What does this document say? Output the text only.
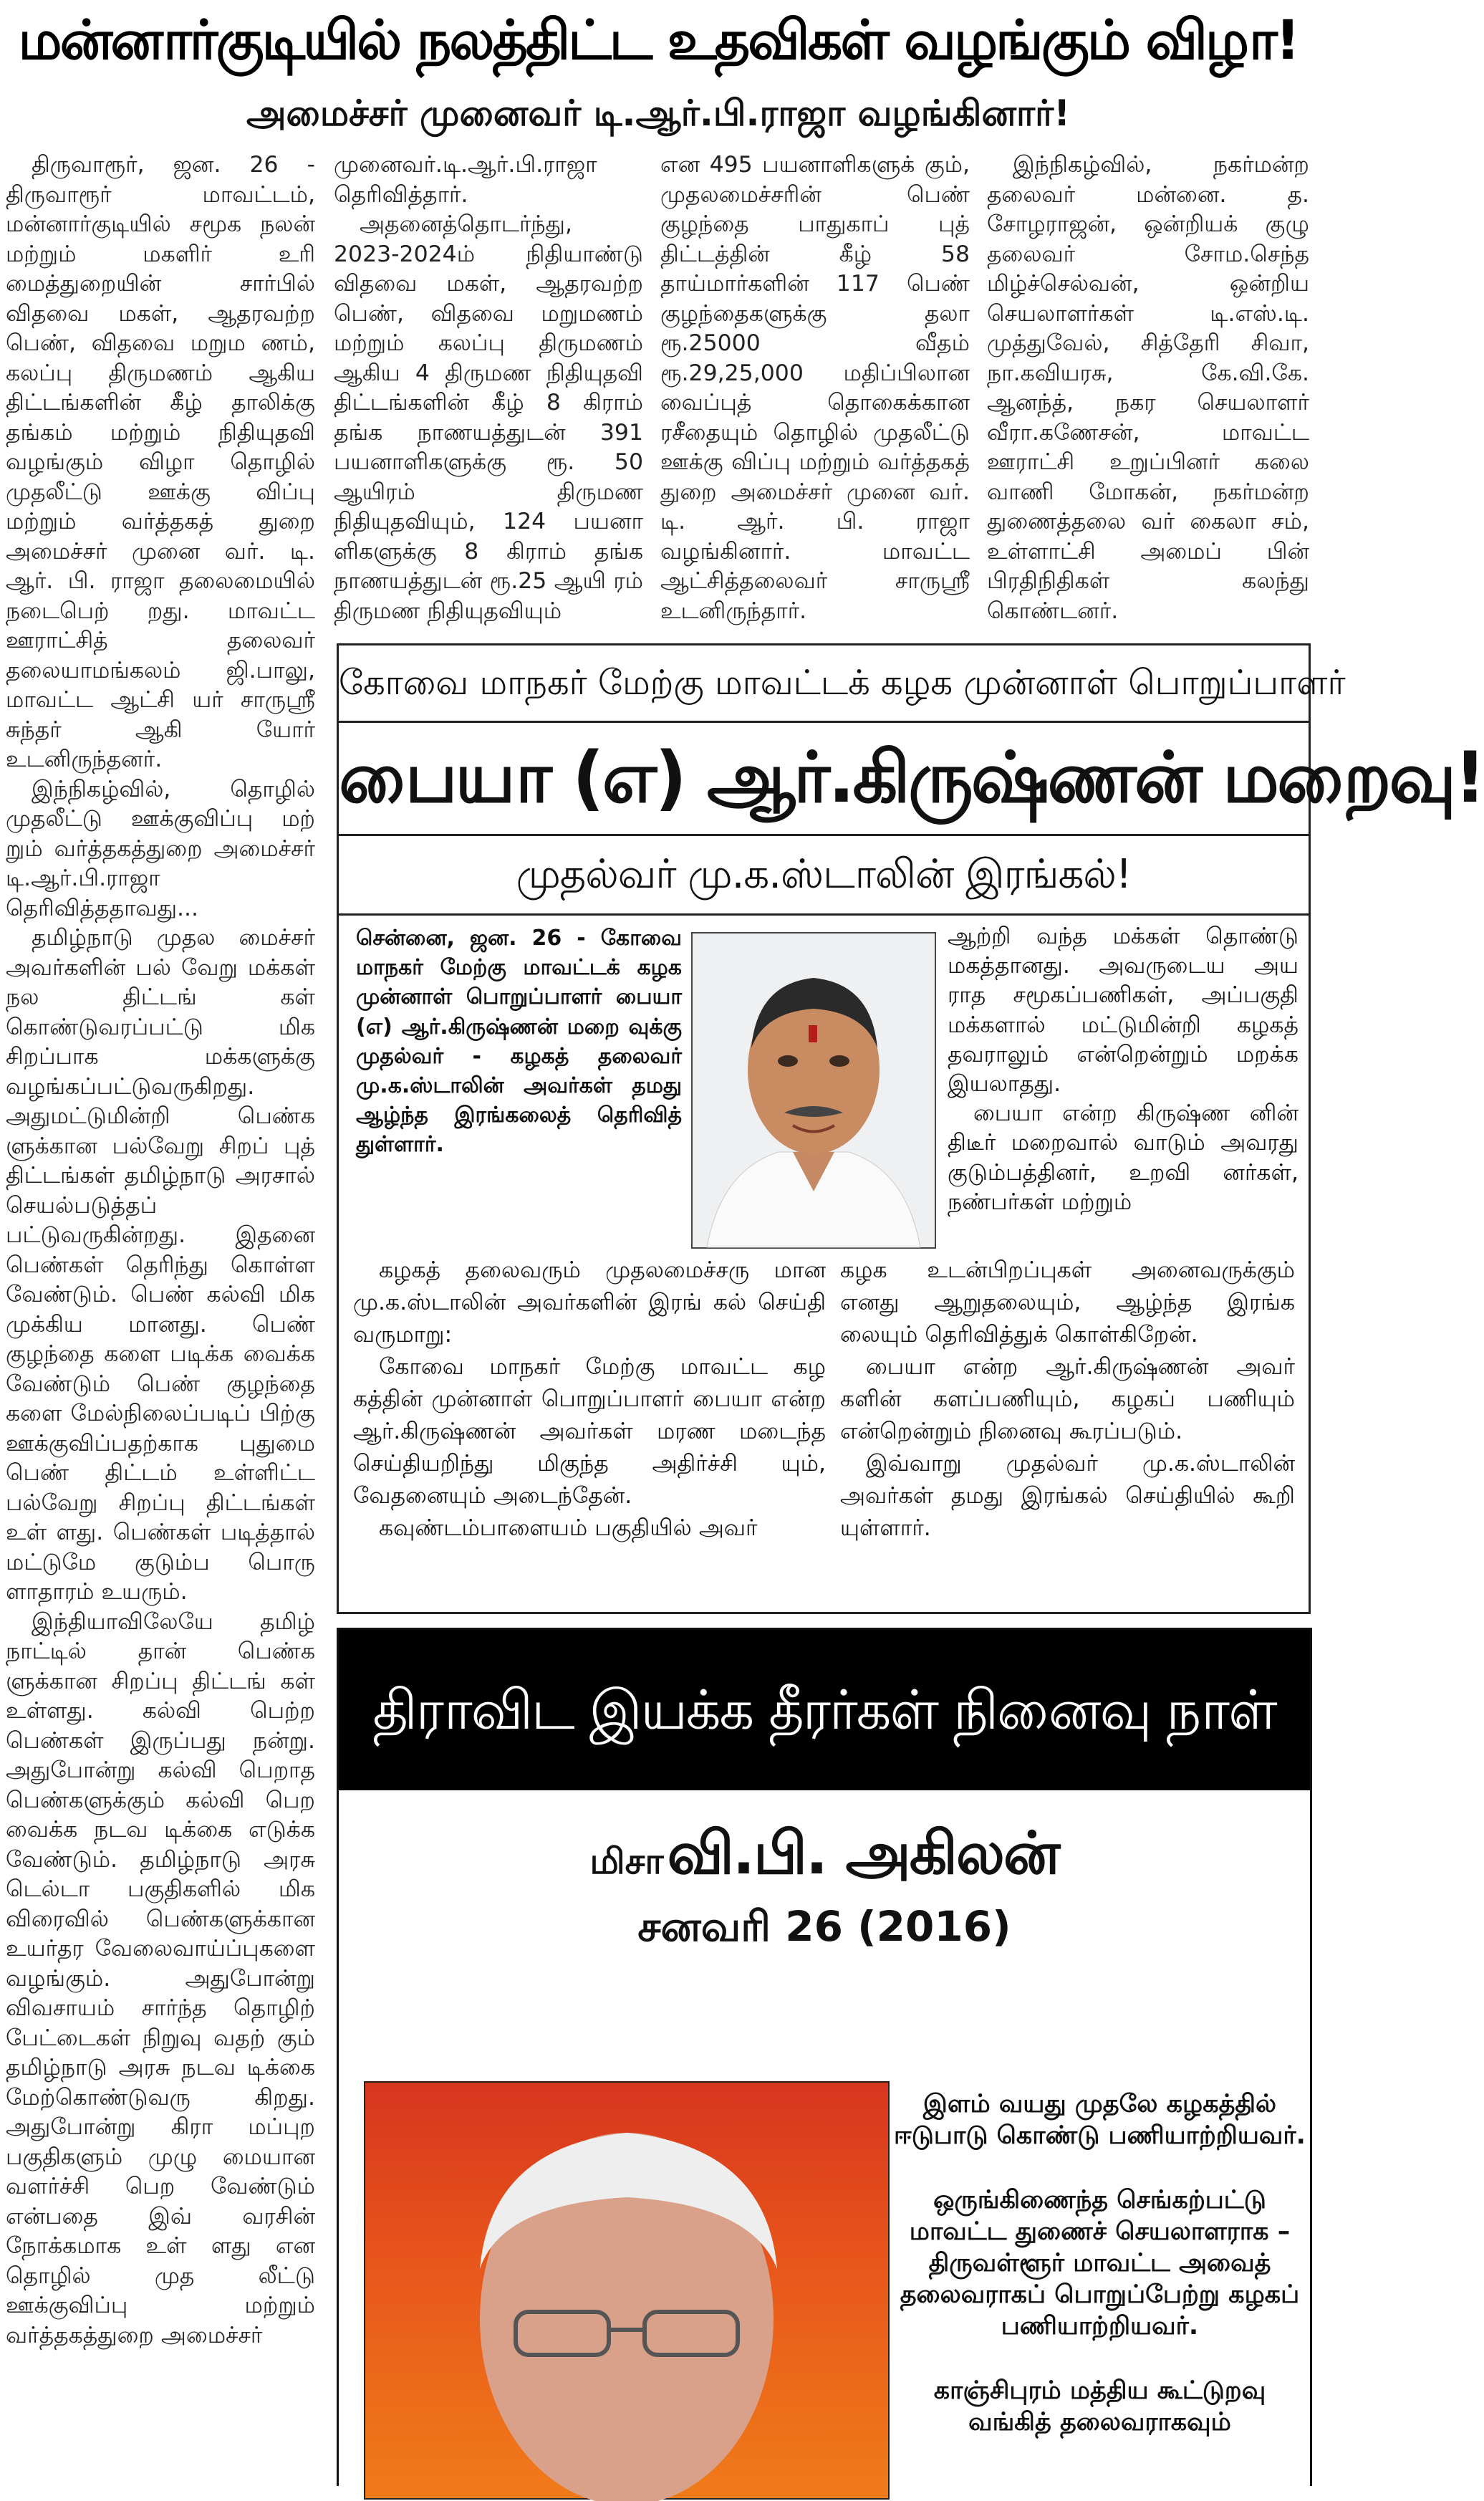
மன்னார்குடியில் நலத்திட்ட உதவிகள் வழங்கும் விழா!
அமைச்சர் முனைவர் டி.ஆர்.பி.ராஜா வழங்கினார்!

திருவாரூர், ஜன. 26 - திருவாரூர் மாவட்டம், மன்னார்குடியில் சமூக நலன் மற்றும் மகளிர் உரி மைத்துறையின் சார்பில் விதவை மகள், ஆதரவற்ற பெண், விதவை மறும ணம், கலப்பு திருமணம் ஆகிய திட்டங்களின் கீழ் தாலிக்கு தங்கம் மற்றும் நிதியுதவி வழங்கும் விழா தொழில் முதலீட்டு ஊக்கு விப்பு மற்றும் வர்த்தகத் துறை அமைச்சர் முனை வர். டி. ஆர். பி. ராஜா தலைமையில் நடைபெற் றது. மாவட்ட ஊராட்சித் தலைவர் தலையாமங்கலம் ஜி.பாலு, மாவட்ட ஆட்சி யர் சாருஸ்ரீ சுந்தர் ஆகி யோர் உடனிருந்தனர்.

இந்நிகழ்வில், தொழில் முதலீட்டு ஊக்குவிப்பு மற் றும் வர்த்தகத்துறை அமைச்சர் டி.ஆர்.பி.ராஜா தெரிவித்ததாவது...

தமிழ்நாடு முதல மைச்சர் அவர்களின் பல் வேறு மக்கள் நல திட்டங் கள் கொண்டுவரப்பட்டு மிக சிறப்பாக மக்களுக்கு வழங்கப்பட்டுவருகிறது. அதுமட்டுமின்றி பெண்க ளுக்கான பல்வேறு சிறப் புத் திட்டங்கள் தமிழ்நாடு அரசால் செயல்படுத்தப் பட்டுவருகின்றது. இதனை பெண்கள் தெரிந்து கொள்ள வேண்டும். பெண் கல்வி மிக முக்கிய மானது. பெண் குழந்தை களை படிக்க வைக்க வேண்டும் பெண் குழந்தை களை மேல்நிலைப்படிப் பிற்கு ஊக்குவிப்பதற்காக புதுமை பெண் திட்டம் உள்ளிட்ட பல்வேறு சிறப்பு திட்டங்கள் உள் ளது. பெண்கள் படித்தால் மட்டுமே குடும்ப பொரு ளாதாரம் உயரும்.

இந்தியாவிலேயே தமிழ் நாட்டில் தான் பெண்க ளுக்கான சிறப்பு திட்டங் கள் உள்ளது. கல்வி பெற்ற பெண்கள் இருப்பது நன்று. அதுபோன்று கல்வி பெறாத பெண்களுக்கும் கல்வி பெற வைக்க நடவ டிக்கை எடுக்க வேண்டும். தமிழ்நாடு அரசு டெல்டா பகுதிகளில் மிக விரைவில் பெண்களுக்கான உயர்தர வேலைவாய்ப்புகளை வழங்கும். அதுபோன்று விவசாயம் சார்ந்த தொழிற் பேட்டைகள் நிறுவு வதற் கும் தமிழ்நாடு அரசு நடவ டிக்கை மேற்கொண்டுவரு கிறது. அதுபோன்று கிரா மப்புற பகுதிகளும் முழு மையான வளர்ச்சி பெற வேண்டும் என்பதை இவ் வரசின் நோக்கமாக உள் ளது என தொழில் முத லீட்டு ஊக்குவிப்பு மற்றும் வர்த்தகத்துறை அமைச்சர்

முனைவர்.டி.ஆர்.பி.ராஜா தெரிவித்தார்.

அதனைத்தொடர்ந்து, 2023-2024ம் நிதியாண்டு விதவை மகள், ஆதரவற்ற பெண், விதவை மறுமணம் மற்றும் கலப்பு திருமணம் ஆகிய 4 திருமண நிதியுதவி திட்டங்களின் கீழ் 8 கிராம் தங்க நாணயத்துடன் 391 பயனாளிகளுக்கு ரூ. 50 ஆயிரம் திருமண நிதியுதவியும், 124 பயனா ளிகளுக்கு 8 கிராம் தங்க நாணயத்துடன் ரூ.25 ஆயி ரம் திருமண நிதியுதவியும்

என 495 பயனாளிகளுக் கும், முதலமைச்சரின் பெண் குழந்தை பாதுகாப் புத் திட்டத்தின் கீழ் 58 தாய்மார்களின் 117 பெண் குழந்தைகளுக்கு தலா ரூ.25000 வீதம் ரூ.29,25,000 மதிப்பிலான வைப்புத் தொகைக்கான ரசீதையும் தொழில் முதலீட்டு ஊக்கு விப்பு மற்றும் வர்த்தகத் துறை அமைச்சர் முனை வர். டி. ஆர். பி. ராஜா வழங்கினார். மாவட்ட ஆட்சித்தலைவர் சாருஸ்ரீ உடனிருந்தார்.

இந்நிகழ்வில், நகர்மன்ற தலைவர் மன்னை. த. சோழராஜன், ஒன்றியக் குழு தலைவர் சோம.செந்த மிழ்ச்செல்வன், ஒன்றிய செயலாளர்கள் டி.எஸ்.டி. முத்துவேல், சித்தேரி சிவா, நா.கவியரசு, கே.வி.கே. ஆனந்த், நகர செயலாளர் வீரா.கணேசன், மாவட்ட ஊராட்சி உறுப்பினர் கலை வாணி மோகன், நகர்மன்ற துணைத்தலை வர் கைலா சம், உள்ளாட்சி அமைப் பின் பிரதிநிதிகள் கலந்து கொண்டனர்.

கோவை மாநகர் மேற்கு மாவட்டக் கழக முன்னாள் பொறுப்பாளர்
பையா (எ) ஆர்.கிருஷ்ணன் மறைவு!
முதல்வர் மு.க.ஸ்டாலின் இரங்கல்!
சென்னை, ஜன. 26 - கோவை மாநகர் மேற்கு மாவட்டக் கழக முன்னாள் பொறுப்பாளர் பையா (எ) ஆர்.கிருஷ்ணன் மறை வுக்கு முதல்வர் - கழகத் தலைவர் மு.க.ஸ்டாலின் அவர்கள் தமது ஆழ்ந்த இரங்கலைத் தெரிவித் துள்ளார்.

ஆற்றி வந்த மக்கள் தொண்டு மகத்தானது. அவருடைய அய ராத சமூகப்பணிகள், அப்பகுதி மக்களால் மட்டுமின்றி கழகத் தவராலும் என்றென்றும் மறக்க இயலாதது.

பையா என்ற கிருஷ்ண னின் திடீர் மறைவால் வாடும் அவரது குடும்பத்தினர், உறவி னர்கள், நண்பர்கள் மற்றும்

கழகத் தலைவரும் முதலமைச்சரு மான மு.க.ஸ்டாலின் அவர்களின் இரங் கல் செய்தி வருமாறு:

கோவை மாநகர் மேற்கு மாவட்ட கழ கத்தின் முன்னாள் பொறுப்பாளர் பையா என்ற ஆர்.கிருஷ்ணன் அவர்கள் மரண மடைந்த செய்தியறிந்து மிகுந்த அதிர்ச்சி யும், வேதனையும் அடைந்தேன்.

கவுண்டம்பாளையம் பகுதியில் அவர்

கழக உடன்பிறப்புகள் அனைவருக்கும் எனது ஆறுதலையும், ஆழ்ந்த இரங்க லையும் தெரிவித்துக் கொள்கிறேன்.

பையா என்ற ஆர்.கிருஷ்ணன் அவர் களின் களப்பணியும், கழகப் பணியும் என்றென்றும் நினைவு கூரப்படும்.

இவ்வாறு முதல்வர் மு.க.ஸ்டாலின் அவர்கள் தமது இரங்கல் செய்தியில் கூறி யுள்ளார்.

திராவிட இயக்க தீரர்கள் நினைவு நாள்
மிசா வி.பி. அகிலன்
சனவரி 26 (2016)

இளம் வயது முதலே கழகத்தில் ஈடுபாடு கொண்டு பணியாற்றியவர்.

ஒருங்கிணைந்த செங்கற்பட்டு மாவட்ட துணைச் செயலாளராக – திருவள்ளூர் மாவட்ட அவைத் தலைவராகப் பொறுப்பேற்று கழகப் பணியாற்றியவர்.

காஞ்சிபுரம் மத்திய கூட்டுறவு வங்கித் தலைவராகவும்
